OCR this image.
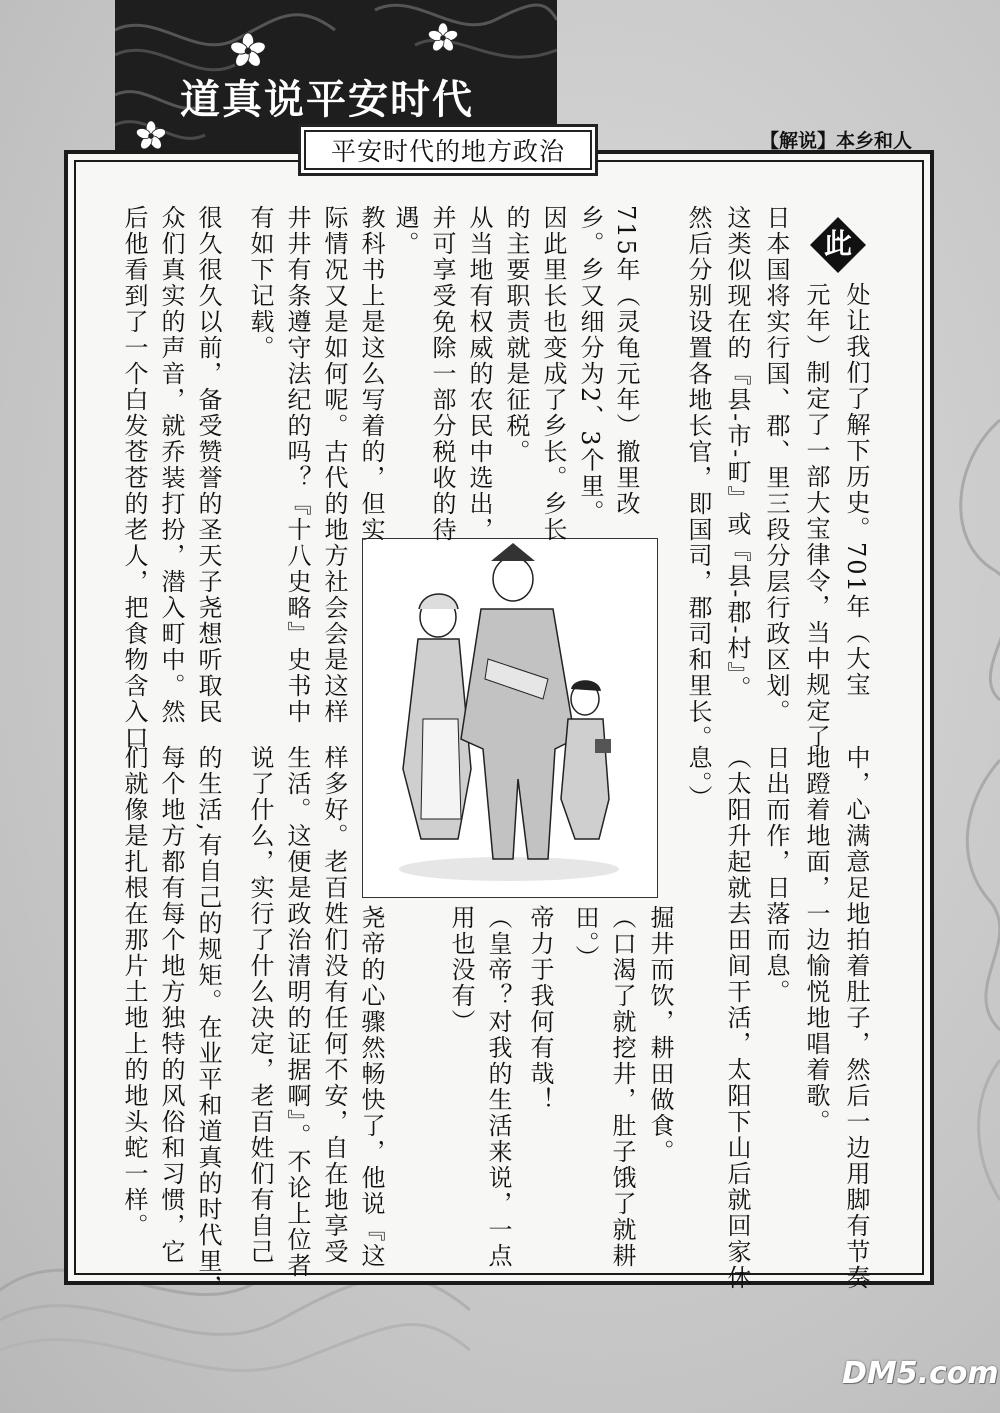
道真说平安时代
平安时代的地方政治	【解说】本乡和人
此
处让我们了解下历史。701年（大宝
元年）制定了一部大宝律令，当中规定了
日本国将实行国、郡、里三段分层行政区划。
这类似现在的『县-市-町』或『县-郡-村』。
然后分别设置各地长官，即国司，郡司和里长。
715年（灵龟元年）撤里改
乡。乡又细分为2、3个里。
因此里长也变成了乡长。乡长
的主要职责就是征税。
从当地有权威的农民中选出，
并可享受免除一部分税收的待
遇。
教科书上是这么写着的，但实
际情况又是如何呢。古代的地方社会会是这样
井井有条遵守法纪的吗？『十八史略』史书中
有如下记载。
很久很久以前，备受赞誉的圣天子尧想听取民
众们真实的声音，就乔装打扮，潜入町中。然
后他看到了一个白发苍苍的老人，把食物含入口
中，心满意足地拍着肚子，然后一边用脚有节奏
地蹬着地面，一边愉悦地唱着歌。
日出而作，日落而息。
（太阳升起就去田间干活，太阳下山后就回家休
息。）
掘井而饮，耕田做食。
（口渴了就挖井，肚子饿了就耕
田。）
帝力于我何有哉！
（皇帝？对我的生活来说，一点
用也没有）
尧帝的心骤然畅快了，他说『这
样多好。老百姓们没有任何不安，自在地享受
生活。这便是政治清明的证据啊』。不论上位者
说了什么，实行了什么决定，老百姓们有自己
的生活,有自己的规矩。在业平和道真的时代里，
每个地方都有每个地方独特的风俗和习惯，它
们就像是扎根在那片土地上的地头蛇一样。
DM5.com
